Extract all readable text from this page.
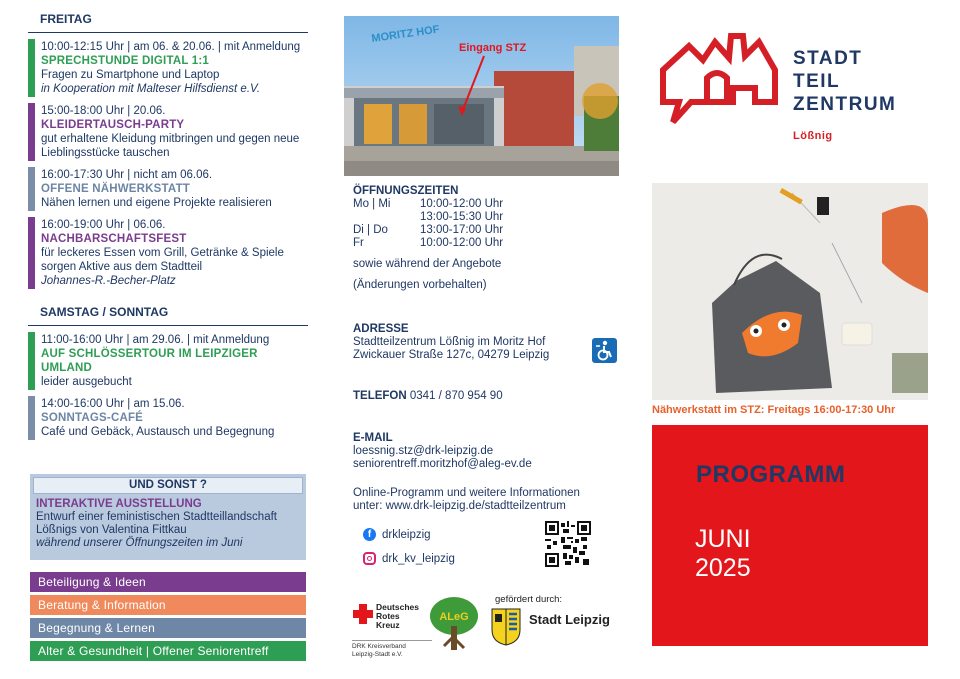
FREITAG
10:00-12:15 Uhr | am 06. & 20.06. | mit Anmeldung
SPRECHSTUNDE DIGITAL 1:1
Fragen zu Smartphone und Laptop
in Kooperation mit Malteser Hilfsdienst e.V.
15:00-18:00 Uhr | 20.06.
KLEIDERTAUSCH-PARTY
gut erhaltene Kleidung mitbringen und gegen neue Lieblingsstücke tauschen
16:00-17:30 Uhr | nicht am 06.06.
OFFENE NÄHWERKSTATT
Nähen lernen und eigene Projekte realisieren
16:00-19:00 Uhr | 06.06.
NACHBARSCHAFTSFEST
für leckeres Essen vom Grill, Getränke & Spiele sorgen Aktive aus dem Stadtteil
Johannes-R.-Becher-Platz
SAMSTAG / SONNTAG
11:00-16:00 Uhr | am 29.06. | mit Anmeldung
AUF SCHLÖSSERTOUR IM LEIPZIGER UMLAND
leider ausgebucht
14:00-16:00 Uhr | am 15.06.
SONNTAGS-CAFÉ
Café und Gebäck, Austausch und Begegnung
UND SONST ?
INTERAKTIVE AUSSTELLUNG
Entwurf einer feministischen Stadtteillandschaft Lößnigs von Valentina Fittkau
während unserer Öffnungszeiten im Juni
Beteiligung & Ideen
Beratung & Information
Begegnung & Lernen
Alter & Gesundheit | Offener Seniorentreff
MORITZ HOF
Eingang STZ
ÖFFNUNGSZEITEN
Mo | Mi	10:00-12:00 Uhr
	13:00-15:30 Uhr
Di | Do	13:00-17:00 Uhr
Fr	10:00-12:00 Uhr
sowie während der Angebote
(Änderungen vorbehalten)
ADRESSE
Stadtteilzentrum Lößnig im Moritz Hof
Zwickauer Straße 127c, 04279 Leipzig
TELEFON 0341 / 870 954 90
E-MAIL
loessnig.stz@drk-leipzig.de
seniorentreff.moritzhof@aleg-ev.de
Online-Programm und weitere Informationen
unter: www.drk-leipzig.de/stadtteilzentrum
f drkleipzig
drk_kv_leipzig
Deutsches
Rotes
Kreuz
DRK Kreisverband
Leipzig-Stadt e.V.
ALeG
gefördert durch:
Stadt Leipzig
STADT
TEIL
ZENTRUM
Lößnig
Nähwerkstatt im STZ: Freitags 16:00-17:30 Uhr
PROGRAMM
JUNI
2025
